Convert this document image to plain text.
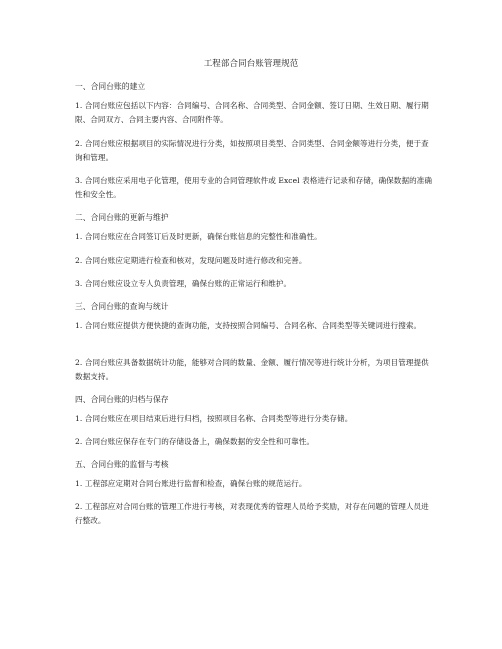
工程部合同台账管理规范
一、合同台账的建立
1. 合同台账应包括以下内容：合同编号、合同名称、合同类型、合同金额、签订日期、生效日期、履行期限、合同双方、合同主要内容、合同附件等。
2. 合同台账应根据项目的实际情况进行分类，如按照项目类型、合同类型、合同金额等进行分类，便于查询和管理。
3. 合同台账应采用电子化管理，使用专业的合同管理软件或 Excel 表格进行记录和存储，确保数据的准确性和安全性。
二、合同台账的更新与维护
1. 合同台账应在合同签订后及时更新，确保台账信息的完整性和准确性。
2. 合同台账应定期进行检查和核对，发现问题及时进行修改和完善。
3. 合同台账应设立专人负责管理，确保台账的正常运行和维护。
三、合同台账的查询与统计
1. 合同台账应提供方便快捷的查询功能，支持按照合同编号、合同名称、合同类型等关键词进行搜索。
2. 合同台账应具备数据统计功能，能够对合同的数量、金额、履行情况等进行统计分析，为项目管理提供数据支持。
四、合同台账的归档与保存
1. 合同台账应在项目结束后进行归档，按照项目名称、合同类型等进行分类存储。
2. 合同台账应保存在专门的存储设备上，确保数据的安全性和可靠性。
五、合同台账的监督与考核
1. 工程部应定期对合同台账进行监督和检查，确保台账的规范运行。
2. 工程部应对合同台账的管理工作进行考核，对表现优秀的管理人员给予奖励，对存在问题的管理人员进行整改。
